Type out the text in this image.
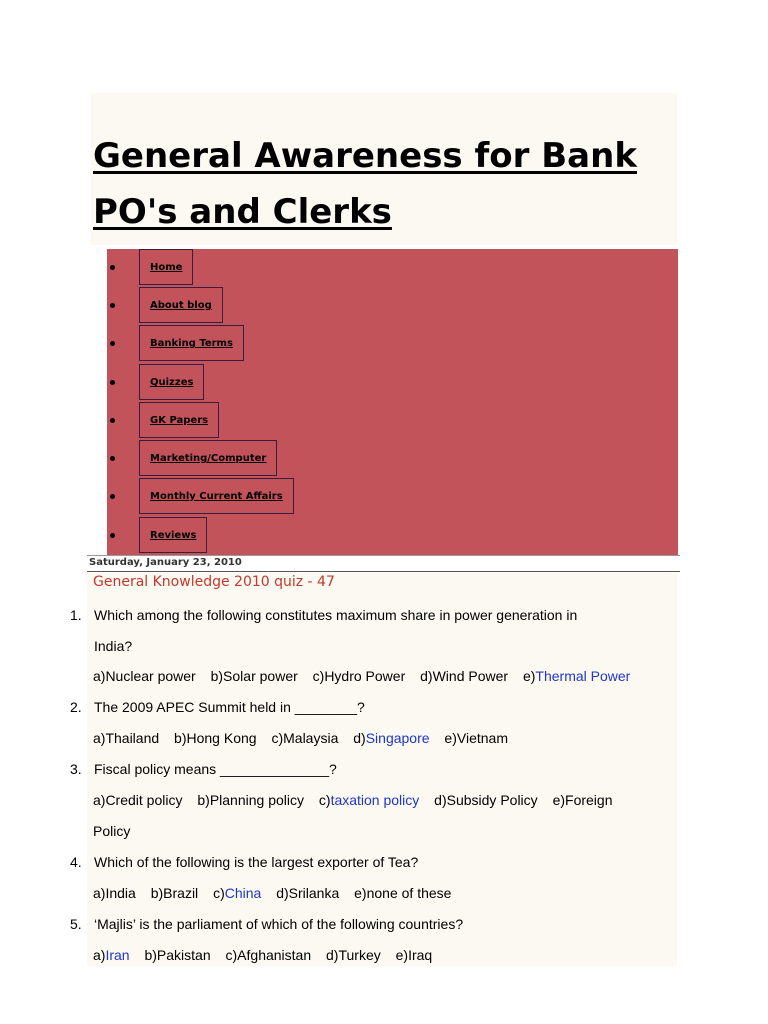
General Awareness for Bank
PO's and Clerks
Home
About blog
Banking Terms
Quizzes
GK Papers
Marketing/Computer
Monthly Current Affairs
Reviews
Saturday, January 23, 2010
General Knowledge 2010 quiz - 47
1. Which among the following constitutes maximum share in power generation in
India?
a)Nuclear power b)Solar power c)Hydro Power d)Wind Power e)Thermal Power
2. The 2009 APEC Summit held in ________?
a)Thailand b)Hong Kong c)Malaysia d)Singapore e)Vietnam
3. Fiscal policy means ______________?
a)Credit policy b)Planning policy c)taxation policy d)Subsidy Policy e)Foreign
Policy
4. Which of the following is the largest exporter of Tea?
a)India b)Brazil c)China d)Srilanka e)none of these
5. ‘Majlis’ is the parliament of which of the following countries?
a)Iran b)Pakistan c)Afghanistan d)Turkey e)Iraq
